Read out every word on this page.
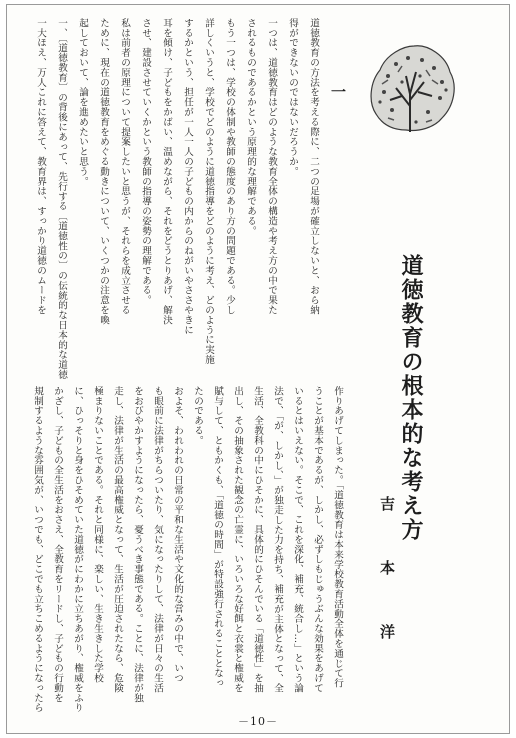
一
道徳教育の方法を考える際に、二つの足場が確立しないと、おら納
得ができないのではないだろうか。
一つは、道徳教育はどのような教育全体の構造や考え方の中で果た
されるものであるかという原理的な理解である。
もう一つは、学校の体制や教師の態度のあり方の問題である。少し
詳しくいうと、学校でどのように道徳指導をどのように考え、どのように実施
するかという、担任が一人一人の子どもの内からのねがいやささやきに
耳を傾け、子どもをかばい、温めながら、それをどうとりあげ、解決
させ、建設させていくかという教師の指導の姿勢の理解である。
私は前者の原理について提案したいと思うが、それらを成立させる
ために、現在の道徳教育をめぐる動きについて、いくつかの注意を喚
起しておいて、論を進めたいと思う。
一、〔道徳教育〕の背後にあって、先行する〔道徳性の〕の伝統的な日本的な道徳
一大ほえ、万人これに答えて、教育界は、すっかり道徳のムードを
道徳教育の根本的な考え方
吉
本
洋
作りあげてしまった。「道徳教育は本来学校教育活動全体を通じて行
うことが基本であるが、しかし、必ずしもじゅうぶんな効果をあげて
いるとはいえない。そこで、これを深化、補充、統合し…」という論
法で、「が、しかし、」が独走した力を持ち、補充が主体となって、全
生活、全教科の中にひそかに、具体的にひそんでいる「道徳性」を抽
出し、その抽象された観念の亡霊に、いろいろな好餌と衣裳と権威を
賦与して、ともかくも、「道徳の時間」が特設強行されることとなっ
たのである。
およそ、われわれの日常の平和な生活や文化的な営みの中で、いつ
も眼前に法律がちらついたり、気になったりして、法律が日々の生活
をおびやかすようになったら、憂うべき事態である。ことに、法律が独
走し、法律が生活の最高権威となって、生活が圧迫されたなら、危険
極まりないことである。それと同様に、楽しい、生き生きした学校
に、ひっそりと身をひそめていた道徳がにわかに立ちあがり、権威をふり
かざし、子どもの全生活をおさえ、全教育をリードし、子どもの行動を
規制するような雰囲気が、いつでも、どこでも立ちこめるようになったら
－10－
